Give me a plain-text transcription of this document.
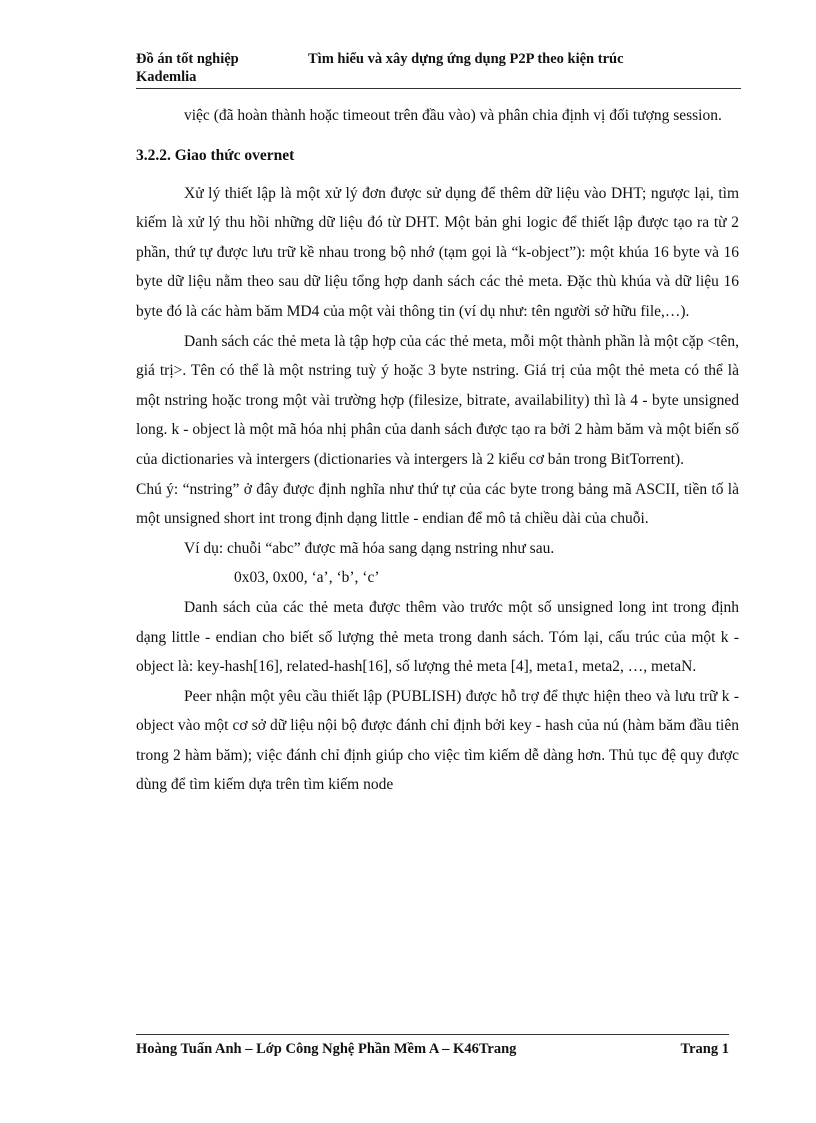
Đồ án tốt nghiệp	Tìm hiểu và xây dựng ứng dụng P2P theo kiện trúc
Kademlia

việc (đã hoàn thành hoặc timeout trên đầu vào) và phân chia định vị đối tượng session.

3.2.2. Giao thức overnet

Xử lý thiết lập là một xử lý đơn được sử dụng để thêm dữ liệu vào DHT; ngược lại, tìm kiếm là xử lý thu hồi những dữ liệu đó từ DHT. Một bản ghi logic để thiết lập được tạo ra từ 2 phần, thứ tự được lưu trữ kề nhau trong bộ nhớ (tạm gọi là “k-object”): một khúa 16 byte và 16 byte dữ liệu nằm theo sau dữ liệu tổng hợp danh sách các thẻ meta. Đặc thù khúa và dữ liệu 16 byte đó là các hàm băm MD4 của một vài thông tin (ví dụ như: tên người sở hữu file,…).

Danh sách các thẻ meta là tập hợp của các thẻ meta, mỗi một thành phần là một cặp <tên, giá trị>. Tên có thể là một nstring tuỳ ý hoặc 3 byte nstring. Giá trị của một thẻ meta có thể là một nstring hoặc trong một vài trường hợp (filesize, bitrate, availability) thì là 4 - byte unsigned long. k - object là một mã hóa nhị phân của danh sách được tạo ra bởi 2 hàm băm và một biến số của dictionaries và intergers (dictionaries và intergers là 2 kiểu cơ bản trong BitTorrent).

Chú ý: “nstring” ở đây được định nghĩa như thứ tự của các byte trong bảng mã ASCII, tiền tố là một unsigned short int trong định dạng little - endian để mô tả chiều dài của chuỗi.

Ví dụ: chuỗi “abc” được mã hóa sang dạng nstring như sau.

0x03, 0x00, ‘a’, ‘b’, ‘c’

Danh sách của các thẻ meta được thêm vào trước một số unsigned long int trong định dạng little - endian cho biết số lượng thẻ meta trong danh sách. Tóm lại, cấu trúc của một k - object là: key-hash[16], related-hash[16], số lượng thẻ meta [4], meta1, meta2, …, metaN.

Peer nhận một yêu cầu thiết lập (PUBLISH) được hỗ trợ để thực hiện theo và lưu trữ k - object vào một cơ sở dữ liệu nội bộ được đánh chỉ định bởi key - hash của nú (hàm băm đầu tiên trong 2 hàm băm); việc đánh chỉ định giúp cho việc tìm kiếm dễ dàng hơn. Thủ tục đệ quy được dùng để tìm kiếm dựa trên tìm kiếm node

Hoàng Tuấn Anh – Lớp Công Nghệ Phần Mềm A – K46Trang	Trang 1
